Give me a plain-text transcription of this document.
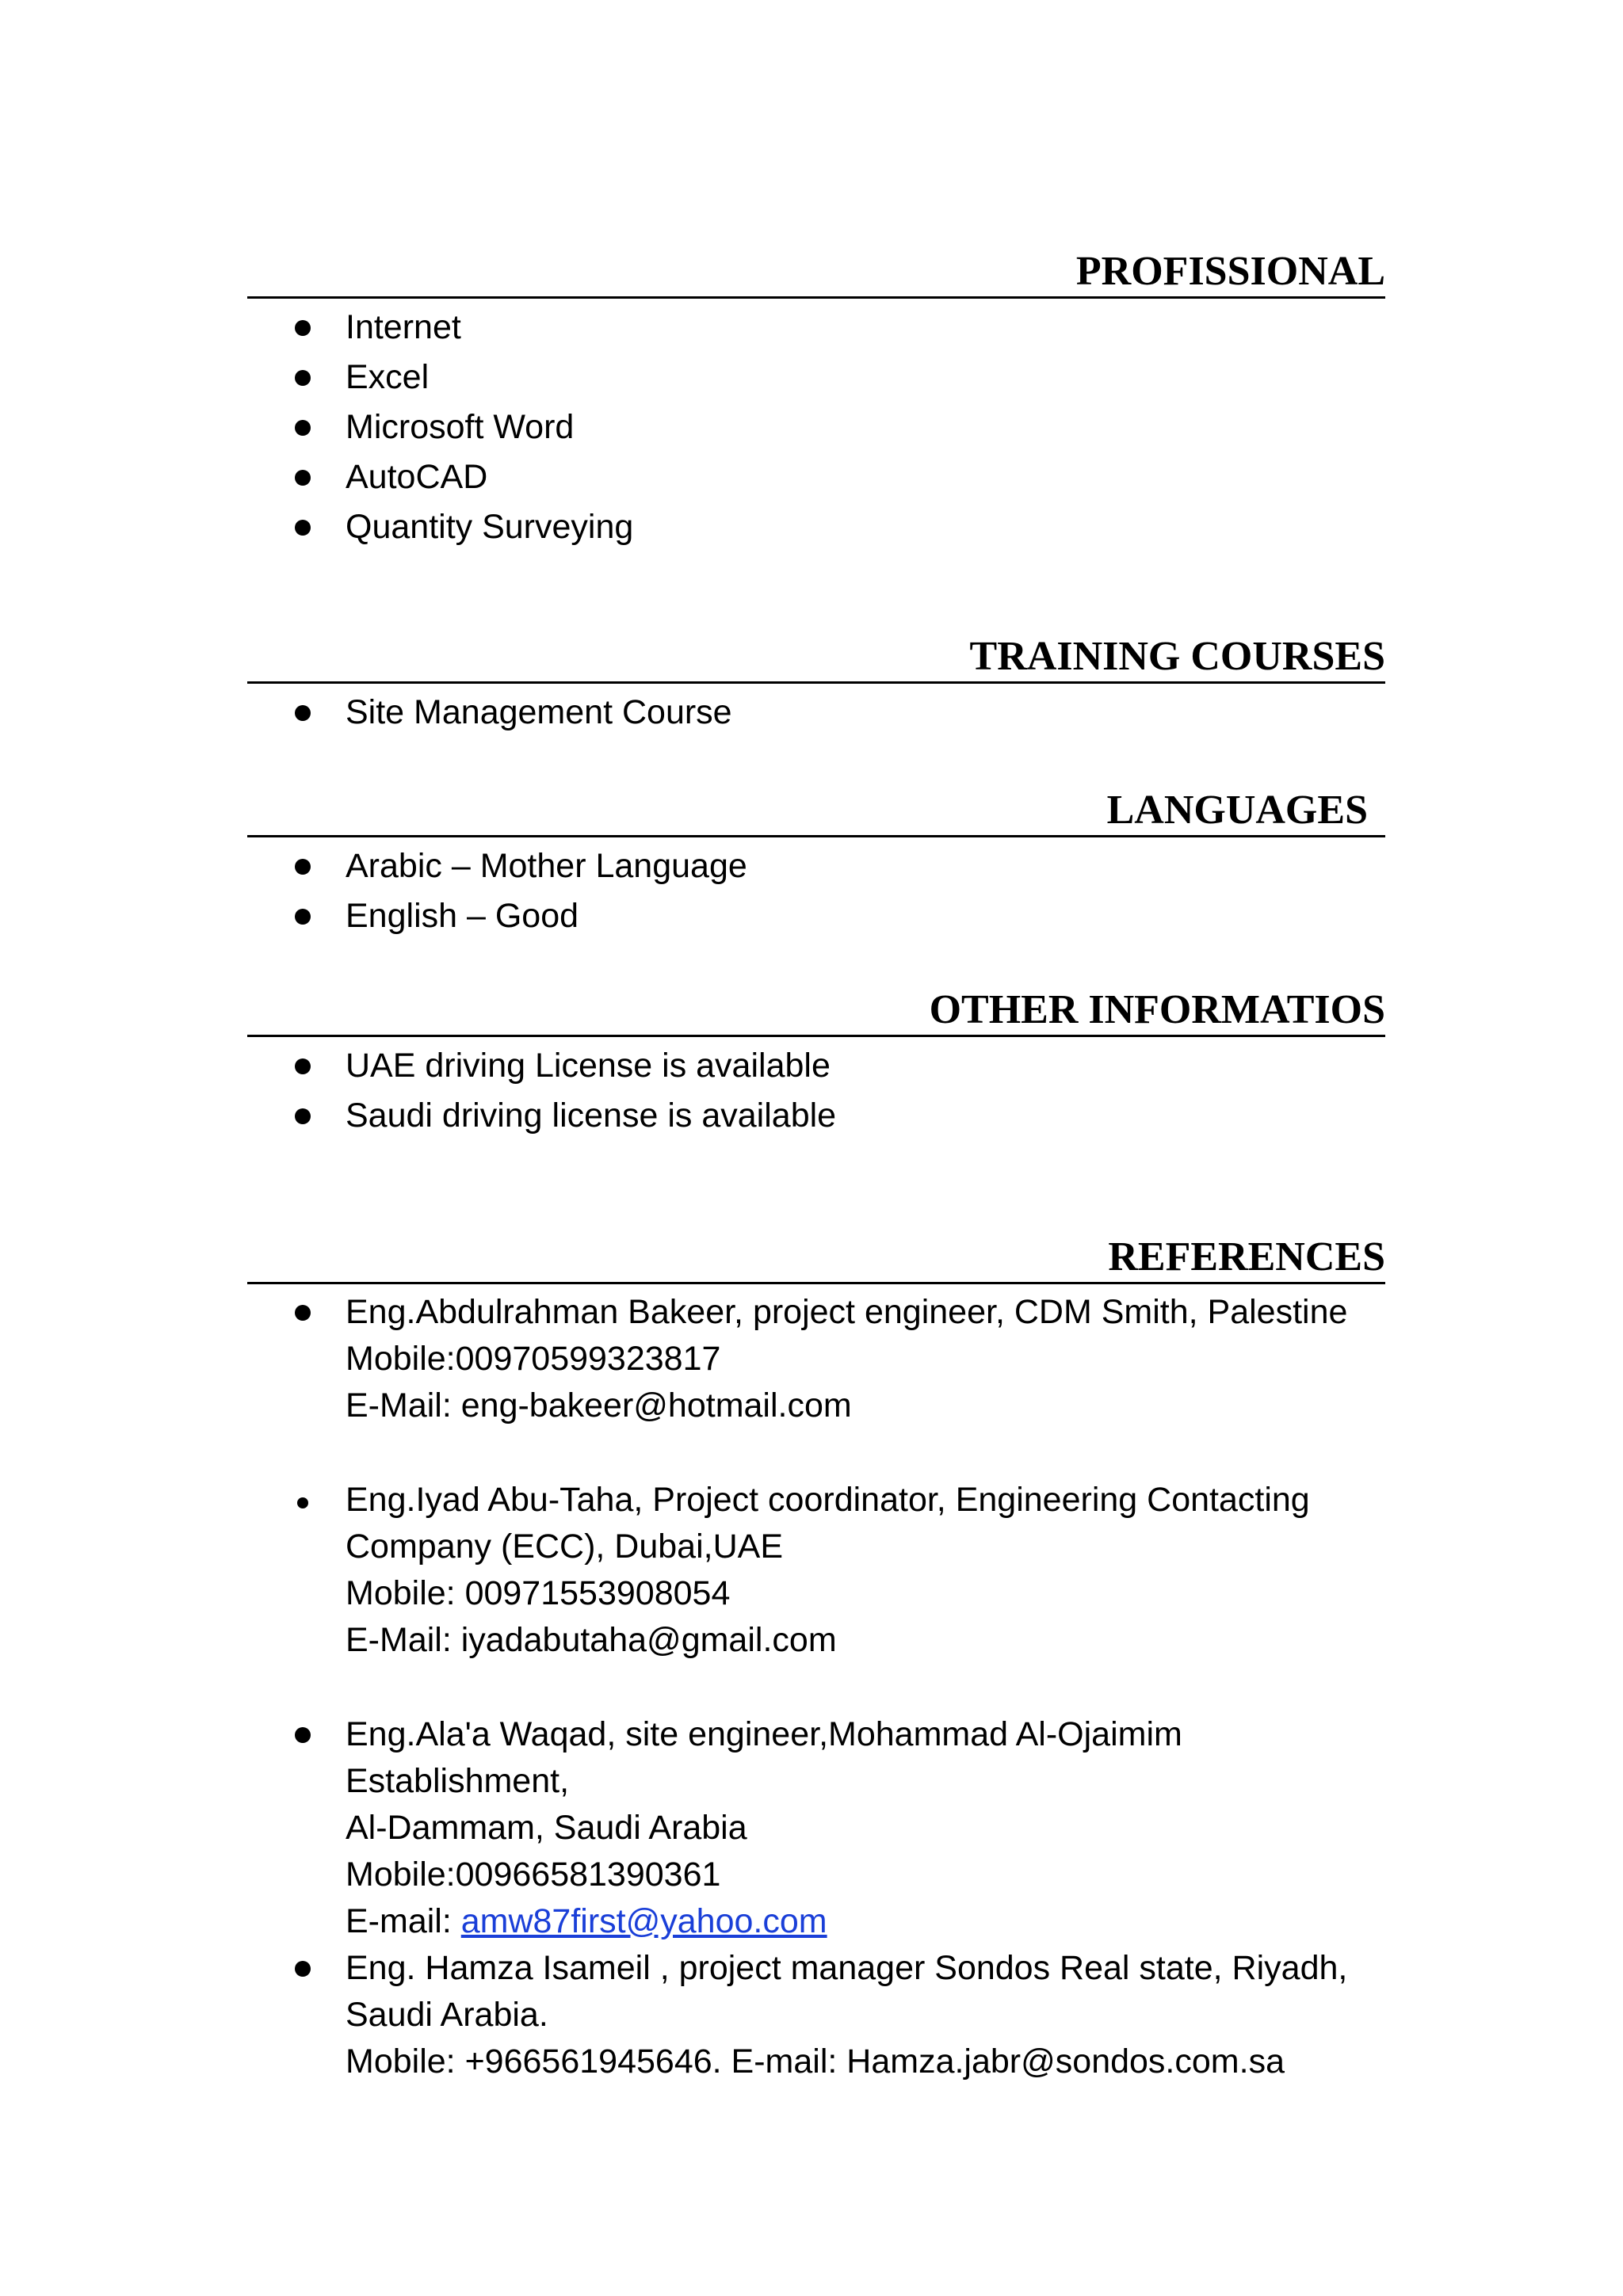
PROFISSIONAL
Internet
Excel
Microsoft Word
AutoCAD
Quantity Surveying
TRAINING COURSES
Site Management Course
LANGUAGES
Arabic – Mother Language
English – Good
OTHER INFORMATIOS
UAE driving License is available
Saudi driving license is available
REFERENCES
Eng.Abdulrahman Bakeer, project engineer, CDM Smith, Palestine
Mobile:00970599323817
E-Mail: eng-bakeer@hotmail.com
Eng.Iyad Abu-Taha, Project coordinator, Engineering Contacting
Company (ECC), Dubai,UAE
Mobile: 00971553908054
E-Mail: iyadabutaha@gmail.com
Eng.Ala'a Waqad, site engineer,Mohammad Al-Ojaimim
Establishment,
Al-Dammam, Saudi Arabia
Mobile:00966581390361
E-mail: amw87first@yahoo.com
Eng. Hamza Isameil , project manager Sondos Real state, Riyadh,
Saudi Arabia.
Mobile: +966561945646. E-mail: Hamza.jabr@sondos.com.sa
